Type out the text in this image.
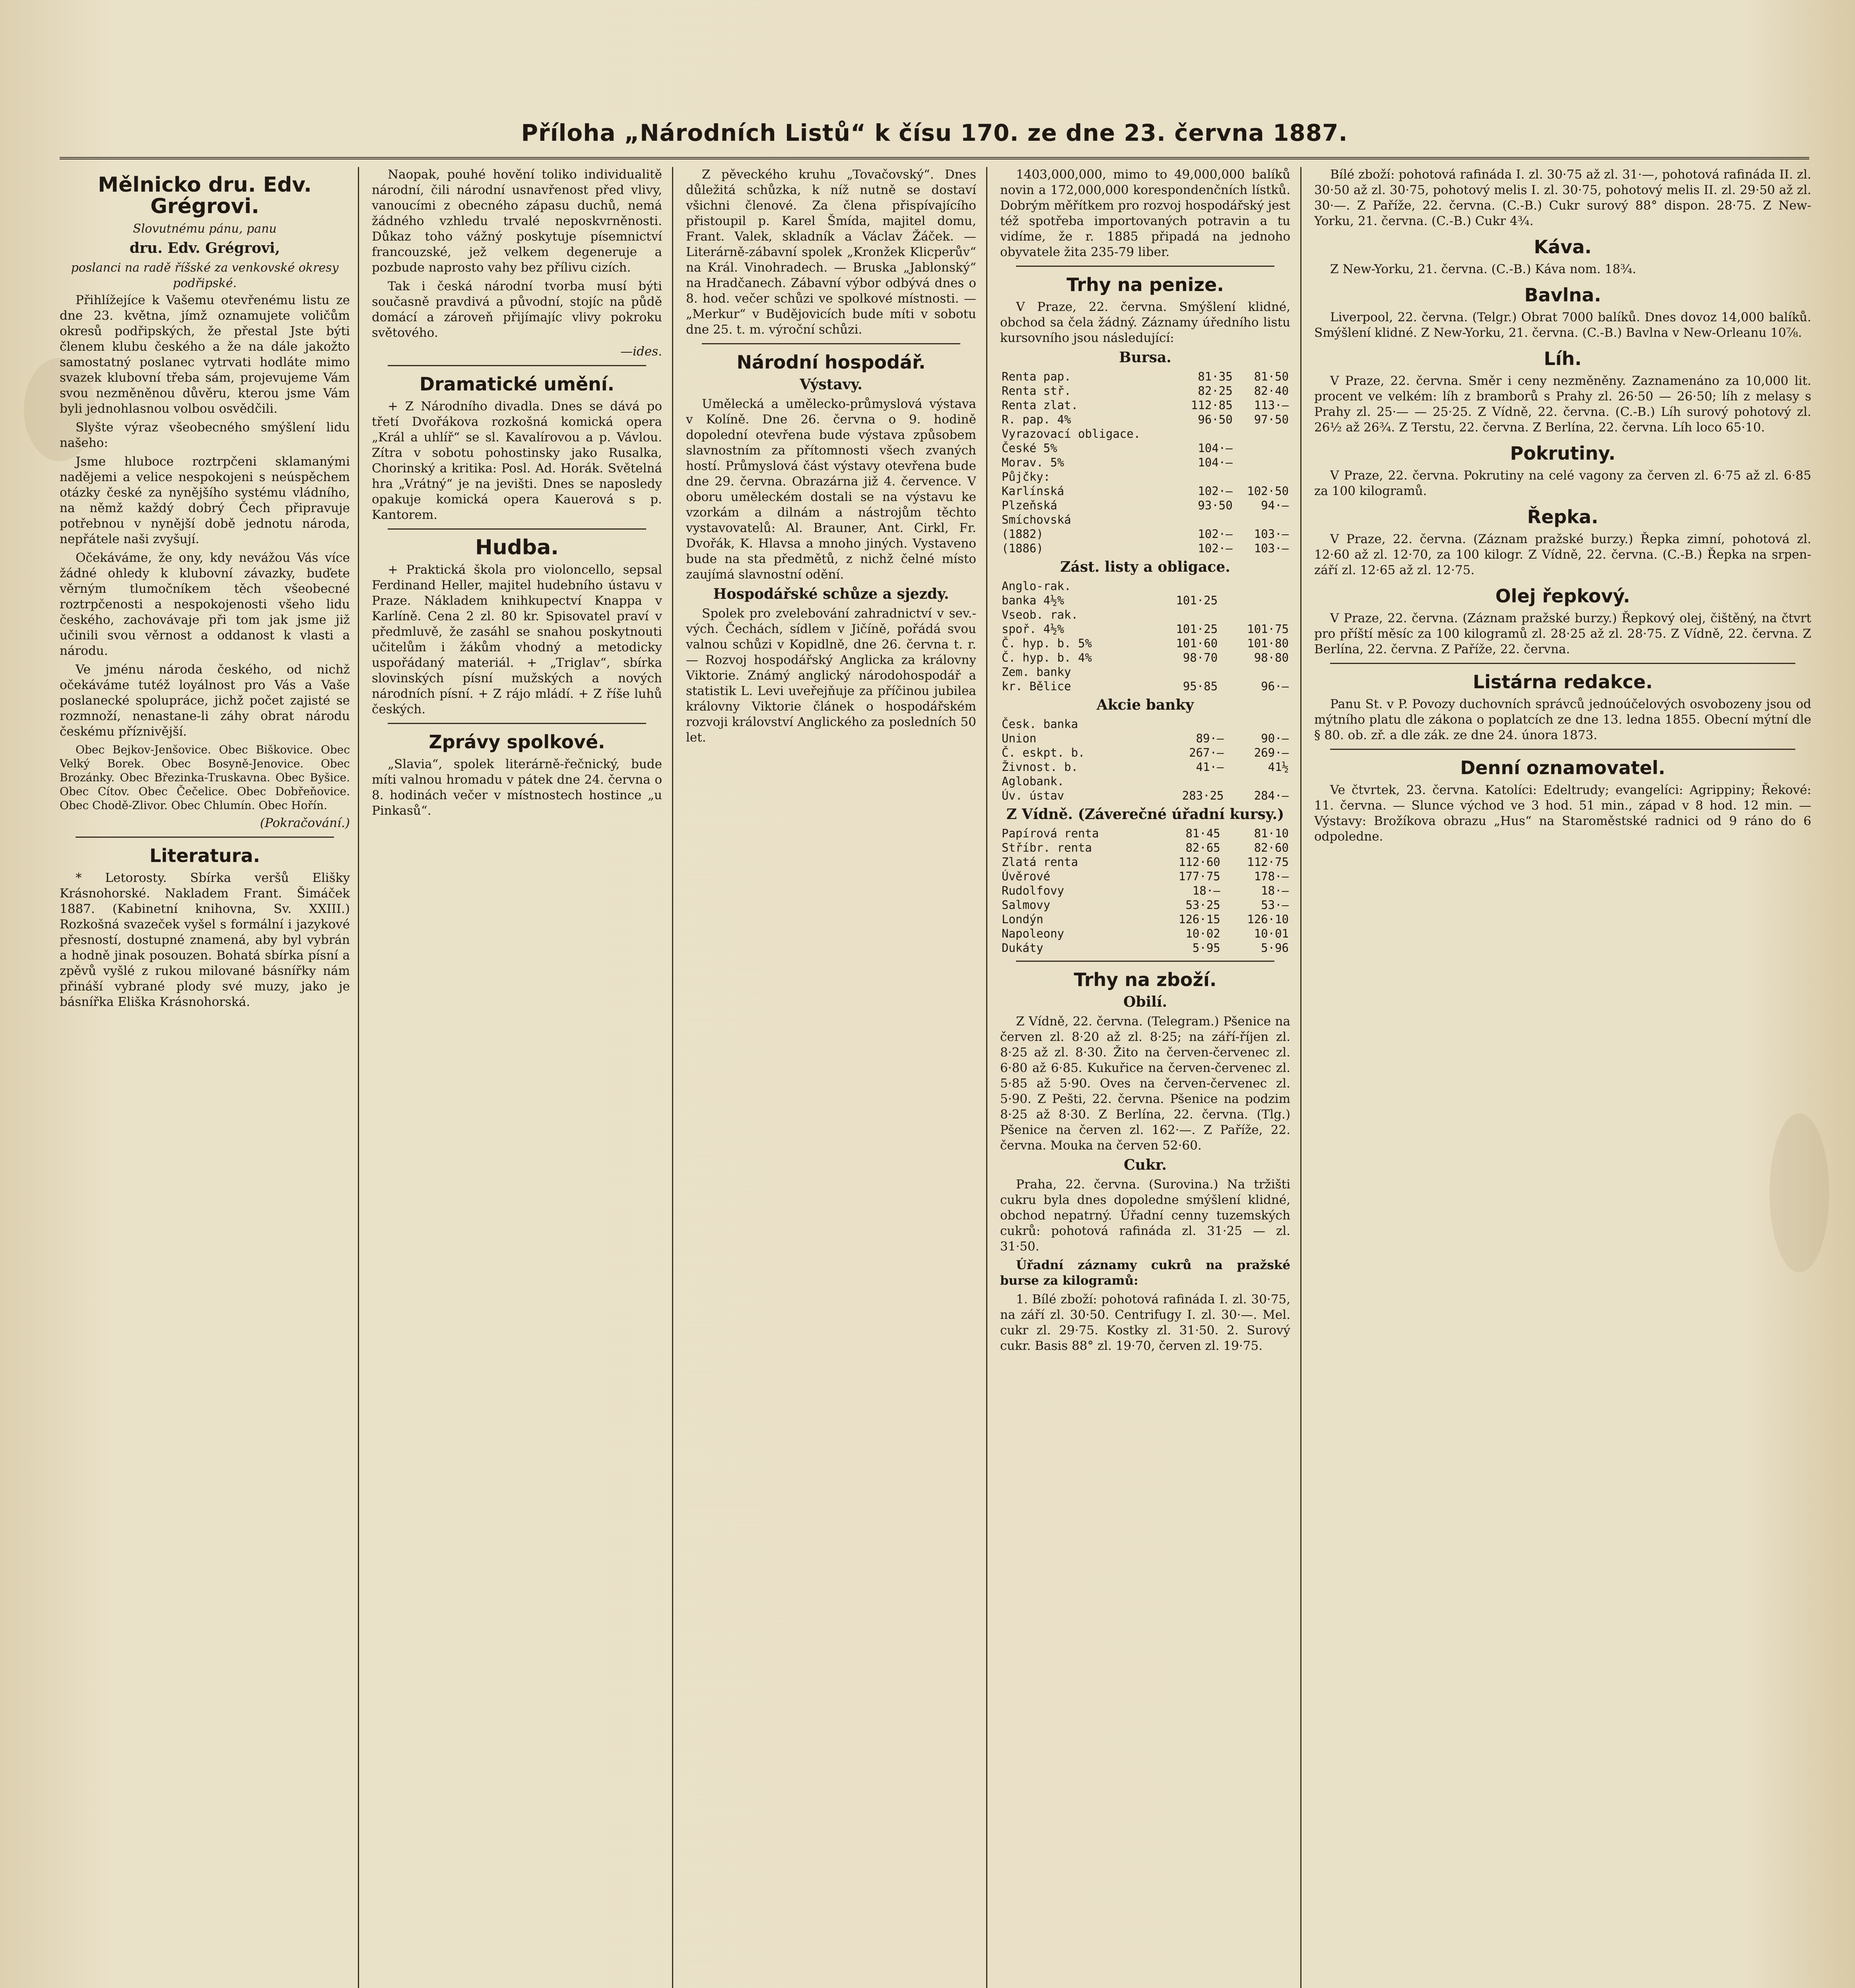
Příloha „Národních Listů“ k čísu 170. ze dne 23. června 1887.
Mělnicko dru. Edv. Grégrovi.
Slovutnému pánu, panu
dru. Edv. Grégrovi,
poslanci na radě říšské za venkovské okresy podřipské.

Přihlížejíce k Vašemu otevřenému listu ze dne 23. května, jímž oznamujete voličům okresů podřipských, že přestal Jste býti členem klubu českého a že na dále jakožto samostatný poslanec vytrvati hodláte mimo svazek klubovní třeba sám, projevujeme Vám svou nezměněnou důvěru, kterou jsme Vám byli jednohlasnou volbou osvědčili.

Slyšte výraz všeobecného smýšlení lidu našeho:

Jsme hluboce roztrpčeni sklamanými nadějemi a velice nespokojeni s neúspěchem otázky české za nynějšího systému vládního, na němž každý dobrý Čech připravuje potřebnou v nynější době jednotu národa, nepřátele naši zvyšují.

Očekáváme, že ony, kdy nevážou Vás více žádné ohledy k klubovní závazky, buďete věrným tlumočníkem těch všeobecné roztrpčenosti a nespokojenosti všeho lidu českého, zachovávaje při tom jak jsme již učinili svou věrnost a oddanost k vlasti a národu.

Ve jménu národa českého, od nichž očekáváme tutéž loyálnost pro Vás a Vaše poslanecké spolupráce, jichž počet zajisté se rozmnoží, nenastane-li záhy obrat národu českému příznivější.

Obec Bejkov-Jenšovice. Obec Biškovice. Obec Velký Borek. Obec Bosyně-Jenovice. Obec Brozánky. Obec Březinka-Truskavna. Obec Byšice. Obec Cítov. Obec Čečelice. Obec Dobřeňovice. Obec Chodě-Zlivor. Obec Chlumín. Obec Hořín.

(Pokračování.)
Literatura.

* Letorosty. Sbírka veršů Elišky Krásnohorské. Nakladem Frant. Šimáček 1887. (Kabinetní knihovna, Sv. XXIII.) Rozkošná svazeček vyšel s formální i jazykové přesností, dostupné znamená, aby byl vybrán a hodně jinak posouzen. Bohatá sbírka písní a zpěvů vyšlé z rukou milované básnířky nám přináší vybrané plody své muzy, jako je básnířka Eliška Krásnohorská.

Naopak, pouhé hovění toliko individualitě národní, čili národní usnavřenost před vlivy, vanoucími z obecného zápasu duchů, nemá žádného vzhledu trvalé neposkvrněnosti. Důkaz toho vážný poskytuje písemnictví francouzské, jež velkem degeneruje a pozbude naprosto vahy bez přílivu cizích.

Tak i česká národní tvorba musí býti současně pravdivá a původní, stojíc na půdě domácí a zároveň přijímajíc vlivy pokroku světového.

—ides.
Dramatické umění.

+ Z Národního divadla. Dnes se dává po třetí Dvořákova rozkošná komická opera „Král a uhlíř“ se sl. Kavalírovou a p. Vávlou. Zítra v sobotu pohostinsky jako Rusalka, Chorinský a kritika: Posl. Ad. Horák. Světelná hra „Vrátný“ je na jevišti. Dnes se naposledy opakuje komická opera Kauerová s p. Kantorem.

Hudba.

+ Praktická škola pro violoncello, sepsal Ferdinand Heller, majitel hudebního ústavu v Praze. Nákladem knihkupectví Knappa v Karlíně. Cena 2 zl. 80 kr. Spisovatel praví v předmluvě, že zasáhl se snahou poskytnouti učitelům i žákům vhodný a metodicky uspořádaný materiál. + „Triglav“, sbírka slovinských písní mužských a nových národních písní. + Z rájo mládí. + Z říše luhů českých.

Zprávy spolkové.

„Slavia“, spolek literárně-řečnický, bude míti valnou hromadu v pátek dne 24. června o 8. hodinách večer v místnostech hostince „u Pinkasů“.

Z pěveckého kruhu „Tovačovský“. Dnes důležitá schůzka, k níž nutně se dostaví všichni členové. Za člena přispívajícího přistoupil p. Karel Šmída, majitel domu, Frant. Valek, skladník a Václav Žáček. — Literárně-zábavní spolek „Kronžek Klicperův“ na Král. Vinohradech. — Bruska „Jablonský“ na Hradčanech. Zábavní výbor odbývá dnes o 8. hod. večer schůzi ve spolkové místnosti. — „Merkur“ v Budějovicích bude míti v sobotu dne 25. t. m. výroční schůzi.

Národní hospodář.
Výstavy.

Umělecká a umělecko-průmyslová výstava v Kolíně. Dne 26. června o 9. hodině dopolední otevřena bude výstava způsobem slavnostním za přítomnosti všech zvaných hostí. Průmyslová část výstavy otevřena bude dne 29. června. Obrazárna již 4. července. V oboru uměleckém dostali se na výstavu ke vzorkám a dilnám a nástrojům těchto vystavovatelů: Al. Brauner, Ant. Cirkl, Fr. Dvořák, K. Hlavsa a mnoho jiných. Vystaveno bude na sta předmětů, z nichž čelné místo zaujímá slavnostní odění.

Hospodářské schůze a sjezdy.

Spolek pro zvelebování zahradnictví v sev.-vých. Čechách, sídlem v Jičíně, pořádá svou valnou schůzi v Kopidlně, dne 26. června t. r. — Rozvoj hospodářský Anglicka za královny Viktorie. Známý anglický národohospodář a statistik L. Levi uveřejňuje za příčinou jubilea královny Viktorie článek o hospodářském rozvoji království Anglického za posledních 50 let.

1403,000,000, mimo to 49,000,000 balíků novin a 172,000,000 korespondenčních lístků. Dobrým měřítkem pro rozvoj hospodářský jest též spotřeba importovaných potravin a tu vidíme, že r. 1885 připadá na jednoho obyvatele žita 235-79 liber.

Trhy na penize.

V Praze, 22. června. Smýšlení klidné, obchod sa čela žádný. Záznamy úředního listu kursovního jsou následující:

Bursa.
Renta pap.	81·35	81·50
Renta stř.	82·25	82·40
Renta zlat.	112·85	113·—
R. pap. 4%	96·50	97·50
Vyrazovací obligace.		
České 5%	104·—	
Morav. 5%	104·—	
Půjčky:		
Karlínská	102·—	102·50
Plzeňská	93·50	94·—
Smíchovská		
(1882)	102·—	103·—
(1886)	102·—	103·—
Zást. listy a obligace.
Anglo-rak.		
banka 4½%	101·25	
Vseob. rak.		
spoř. 4½%	101·25	101·75
Č. hyp. b. 5%	101·60	101·80
Č. hyp. b. 4%	98·70	98·80
Zem. banky		
kr. Bělice	95·85	96·—
Akcie banky
Česk. banka		
Union	89·—	90·—
Č. eskpt. b.	267·—	269·—
Živnost. b.	41·—	41½
Aglobank.		
Úv. ústav	283·25	284·—
Z Vídně. (Záverečné úřadní kursy.)
Papírová renta	81·45	81·10
Stříbr. renta	82·65	82·60
Zlatá renta	112·60	112·75
Úvěrové	177·75	178·—
Rudolfovy	18·—	18·—
Salmovy	53·25	53·—
Londýn	126·15	126·10
Napoleony	10·02	10·01
Dukáty	5·95	5·96
Trhy na zboží.
Obilí.

Z Vídně, 22. června. (Telegram.) Pšenice na červen zl. 8·20 až zl. 8·25; na září-říjen zl. 8·25 až zl. 8·30. Žito na červen-červenec zl. 6·80 až 6·85. Kukuřice na červen-červenec zl. 5·85 až 5·90. Oves na červen-červenec zl. 5·90. Z Pešti, 22. června. Pšenice na podzim 8·25 až 8·30. Z Berlína, 22. června. (Tlg.) Pšenice na červen zl. 162·—. Z Paříže, 22. června. Mouka na červen 52·60.

Cukr.

Praha, 22. června. (Surovina.) Na tržišti cukru byla dnes dopoledne smýšlení klidné, obchod nepatrný. Úřadní cenny tuzemských cukrů: pohotová rafináda zl. 31·25 — zl. 31·50.

Úřadní záznamy cukrů na pražské burse za kilogramů:

1. Bílé zboží: pohotová rafináda I. zl. 30·75, na září zl. 30·50. Centrifugy I. zl. 30·—. Mel. cukr zl. 29·75. Kostky zl. 31·50. 2. Surový cukr. Basis 88° zl. 19·70, červen zl. 19·75.

Bílé zboží: pohotová rafináda I. zl. 30·75 až zl. 31·—, pohotová rafináda II. zl. 30·50 až zl. 30·75, pohotový melis I. zl. 30·75, pohotový melis II. zl. 29·50 až zl. 30·—. Z Paříže, 22. června. (C.-B.) Cukr surový 88° dispon. 28·75. Z New-Yorku, 21. června. (C.-B.) Cukr 4¾.

Káva.

Z New-Yorku, 21. června. (C.-B.) Káva nom. 18¾.

Bavlna.

Liverpool, 22. června. (Telgr.) Obrat 7000 balíků. Dnes dovoz 14,000 balíků. Smýšlení klidné. Z New-Yorku, 21. června. (C.-B.) Bavlna v New-Orleanu 10⅞.

Líh.

V Praze, 22. června. Směr i ceny nezměněny. Zaznamenáno za 10,000 lit. procent ve velkém: líh z bramborů s Prahy zl. 26·50 — 26·50; líh z melasy s Prahy zl. 25·— — 25·25. Z Vídně, 22. června. (C.-B.) Líh surový pohotový zl. 26½ až 26¾. Z Terstu, 22. června. Z Berlína, 22. června. Líh loco 65·10.

Pokrutiny.

V Praze, 22. června. Pokrutiny na celé vagony za červen zl. 6·75 až zl. 6·85 za 100 kilogramů.

Řepka.

V Praze, 22. června. (Záznam pražské burzy.) Řepka zimní, pohotová zl. 12·60 až zl. 12·70, za 100 kilogr. Z Vídně, 22. června. (C.-B.) Řepka na srpen-září zl. 12·65 až zl. 12·75.

Olej řepkový.

V Praze, 22. června. (Záznam pražské burzy.) Řepkový olej, čištěný, na čtvrt pro příští měsíc za 100 kilogramů zl. 28·25 až zl. 28·75. Z Vídně, 22. června. Z Berlína, 22. června. Z Paříže, 22. června.

Listárna redakce.

Panu St. v P. Povozy duchovních správců jednoúčelových osvobozeny jsou od mýtního platu dle zákona o poplatcích ze dne 13. ledna 1855. Obecní mýtní dle § 80. ob. zř. a dle zák. ze dne 24. února 1873.

Denní oznamovatel.

Ve čtvrtek, 23. června. Katolíci: Edeltrudy; evangelíci: Agrippiny; Řekové: 11. června. — Slunce východ ve 3 hod. 51 min., západ v 8 hod. 12 min. — Výstavy: Brožíkova obrazu „Hus“ na Staroměstské radnici od 9 ráno do 6 odpoledne.
